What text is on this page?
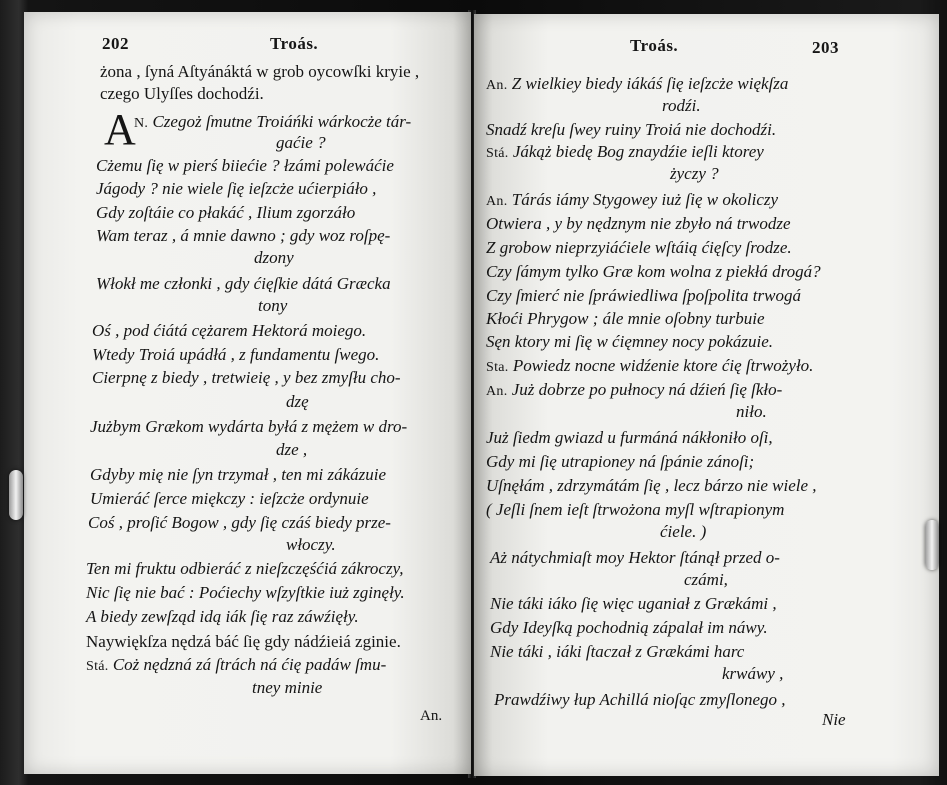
202	Troás.
żona , ſyná Aſtyánáktá w grob oycowſki kryie ,
czego Ulyſſes dochodźi.
A
N. Czegoż ſmutne Troiáńki wárkocże tár-
gaćie ?
Cżemu ſię w pierś biiećie ? łzámi polewáćie
Jágody ? nie wiele ſię ieſzcże ućierpiáło ,
Gdy zoſtáie co płakáć , Ilium zgorzáło
Wam teraz , á mnie dawno ; gdy woz roſpę-
dzony
Włokł me członki , gdy ćięſkie dátá Græcka
tony
Oś , pod ćiátá cężarem Hektorá moiego.
Wtedy Troiá upádłá , z fundamentu ſwego.
Cierpnę z biedy , tretwieię , y bez zmyſłu cho-
dzę
Jużbym Grækom wydárta byłá z mężem w dro-
dze ,
Gdyby mię nie ſyn trzymał , ten mi zákázuie
Umieráć ſerce miękczy : ieſzcże ordynuie
Coś , proſić Bogow , gdy ſię czáś biedy prze-
włoczy.
Ten mi fruktu odbieráć z nieſzczęśćiá zákroczy,
Nic ſię nie bać : Poćiechy wſzyſtkie iuż zginęły.
A biedy zewſząd idą iák ſię raz záwźięły.
Naywiękſza nędzá báć ſię gdy nádźieiá zginie.
Stá. Coż nędzná zá ſtrách ná ćię padáw ſmu-
tney minie
An.
Troás.	203
An. Z wielkiey biedy iákáś ſię ieſzcże więkſza
rodźi.
Snadź kreſu ſwey ruiny Troiá nie dochodźi.
Stá. Jákąż biedę Bog znaydźie ieſli ktorey
życzy ?
An. Tárás iámy Stygowey iuż ſię w okoliczy
Otwiera , y by nędznym nie zbyło ná trwodze
Z grobow nieprzyiáćiele wſtáią ćięſcy ſrodze.
Czy ſámym tylko Græ kom wolna z piekłá drogá?
Czy ſmierć nie ſpráwiedliwa ſpoſpolita trwogá
Kłoći Phrygow ; ále mnie oſobny turbuie
Sęn ktory mi ſię w ćięmney nocy pokázuie.
Sta. Powiedz nocne widźenie ktore ćię ſtrwożyło.
An. Już dobrze po pułnocy ná dźień ſię ſkło-
niło.
Już ſiedm gwiazd u furmáná nákłoniło oſi,
Gdy mi ſię utrapioney ná ſpánie zánoſi;
Uſnęłám , zdrzymátám ſię , lecz bárzo nie wiele ,
( Jeſli ſnem ieſt ſtrwożona myſl wſtrapionym
ćiele. )
Aż nátychmiaſt moy Hektor ſtánął przed o-
czámi,
Nie táki iáko ſię więc uganiał z Grækámi ,
Gdy Ideyſką pochodnią zápalał im náwy.
Nie táki , iáki ſtaczał z Grækámi harc
krwáwy ,
Prawdźiwy łup Achillá nioſąc zmyſlonego ,
Nie
